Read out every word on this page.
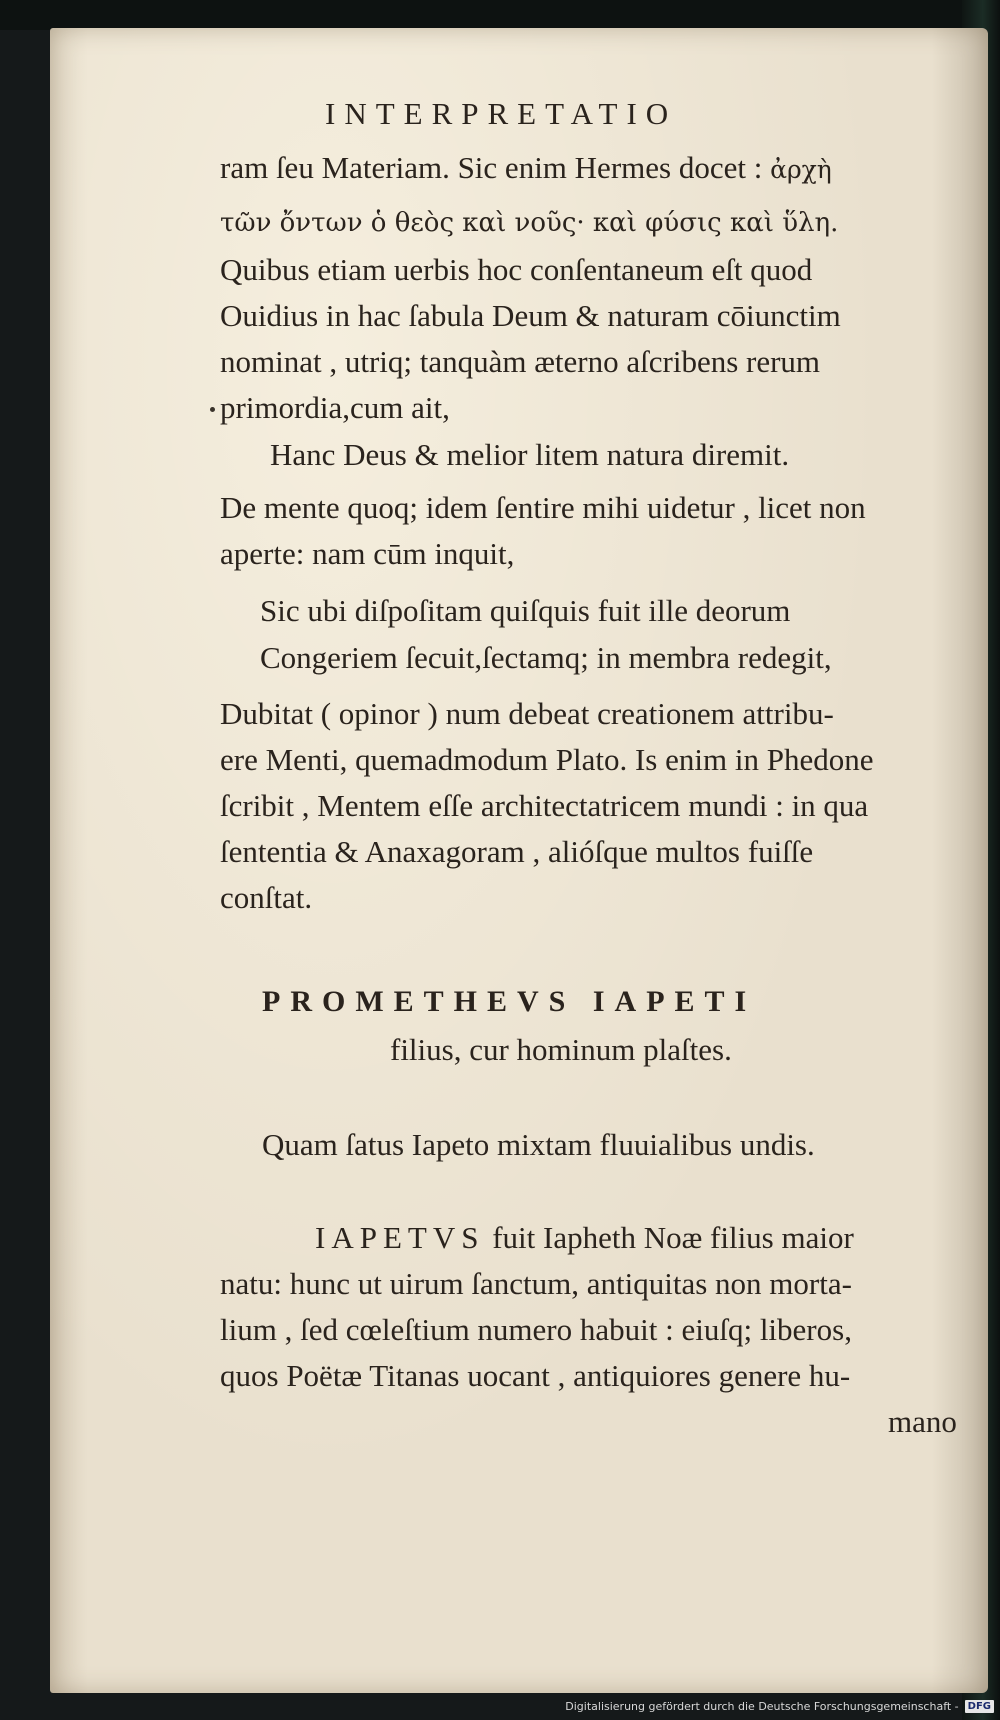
INTERPRETATIO
ram ſeu Materiam. Sic enim Hermes docet : ἀρχὴ
τῶν ὄντων ὁ θεὸς καὶ νοῦς· καὶ φύσις καὶ ὕλη.
Quibus etiam uerbis hoc conſentaneum eſt quod
Ouidius in hac ſabula Deum & naturam cōiunctim
nominat , utriq; tanquàm æterno aſcribens rerum
primordia,cum ait,
Hanc Deus & melior litem natura diremit.
De mente quoq; idem ſentire mihi uidetur , licet non
aperte: nam cūm inquit,
Sic ubi diſpoſitam quiſquis fuit ille deorum
Congeriem ſecuit,ſectamq; in membra redegit,
Dubitat ( opinor ) num debeat creationem attribu-
ere Menti, quemadmodum Plato. Is enim in Phedone
ſcribit , Mentem eſſe architectatricem mundi : in qua
ſententia & Anaxagoram , alióſque multos fuiſſe
conſtat.
PROMETHEVS IAPETI
filius, cur hominum plaſtes.
Quam ſatus Iapeto mixtam fluuialibus undis.
IAPETVS fuit Iapheth Noæ filius maior
natu: hunc ut uirum ſanctum, antiquitas non morta-
lium , ſed cœleſtium numero habuit : eiuſq; liberos,
quos Poëtæ Titanas uocant , antiquiores genere hu-
mano
Digitalisierung gefördert durch die Deutsche Forschungsgemeinschaft - DFG
